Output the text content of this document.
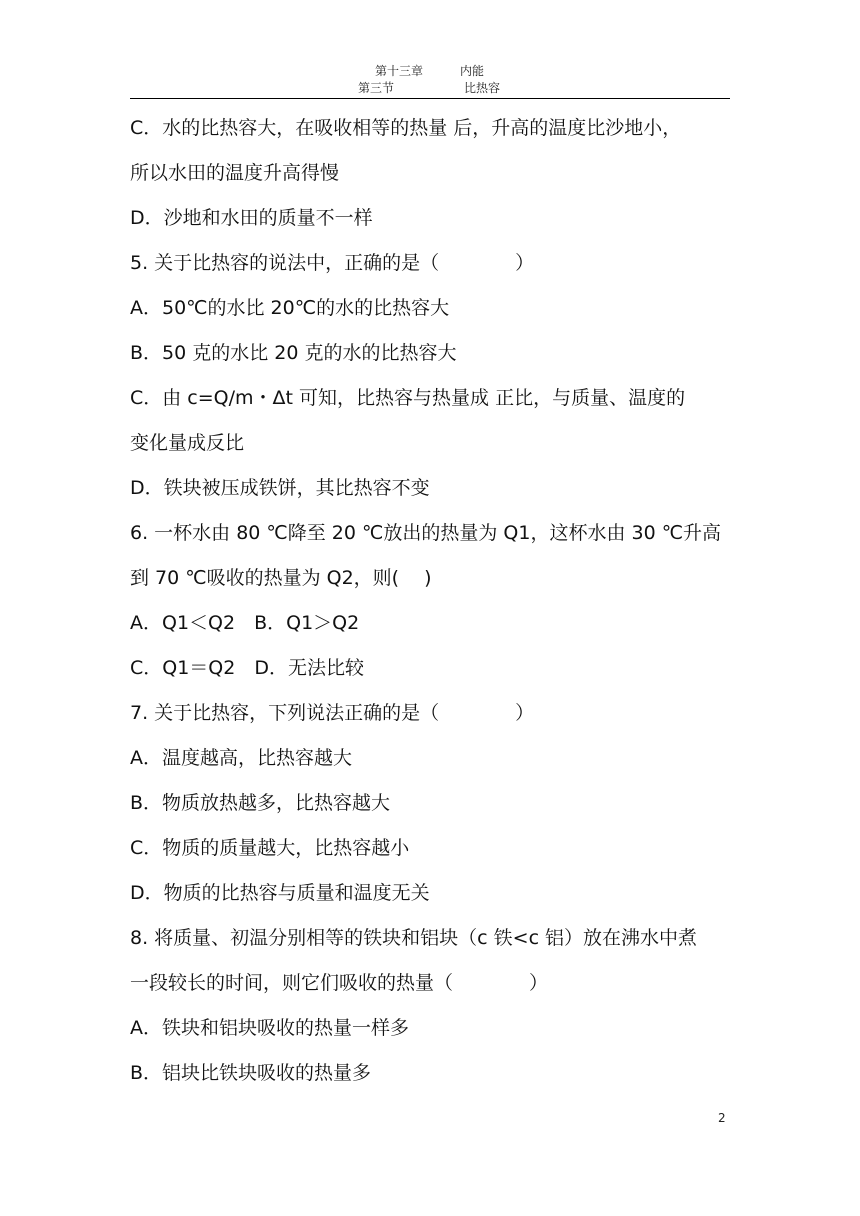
第十三章	内能
第三节	比热容
C．水的比热容大，在吸收相等的热量 后，升高的温度比沙地小，
所以水田的温度升高得慢
D．沙地和水田的质量不一样
5. 关于比热容的说法中，正确的是（　　　　）
A．50℃的水比 20℃的水的比热容大
B．50 克的水比 20 克的水的比热容大
C．由 c=Q/m・Δt 可知，比热容与热量成 正比，与质量、温度的
变化量成反比
D．铁块被压成铁饼，其比热容不变
6. 一杯水由 80 ℃降至 20 ℃放出的热量为 Q1，这杯水由 30 ℃升高
到 70 ℃吸收的热量为 Q2，则(　 )
A．Q1＜Q2　B．Q1＞Q2
C．Q1＝Q2　D．无法比较
7. 关于比热容，下列说法正确的是（　　　　）
A．温度越高，比热容越大
B．物质放热越多，比热容越大
C．物质的质量越大，比热容越小
D．物质的比热容与质量和温度无关
8. 将质量、初温分别相等的铁块和铝块（c 铁<c 铝）放在沸水中煮
一段较长的时间，则它们吸收的热量（　　　　）
A．铁块和铝块吸收的热量一样多
B．铝块比铁块吸收的热量多
2
